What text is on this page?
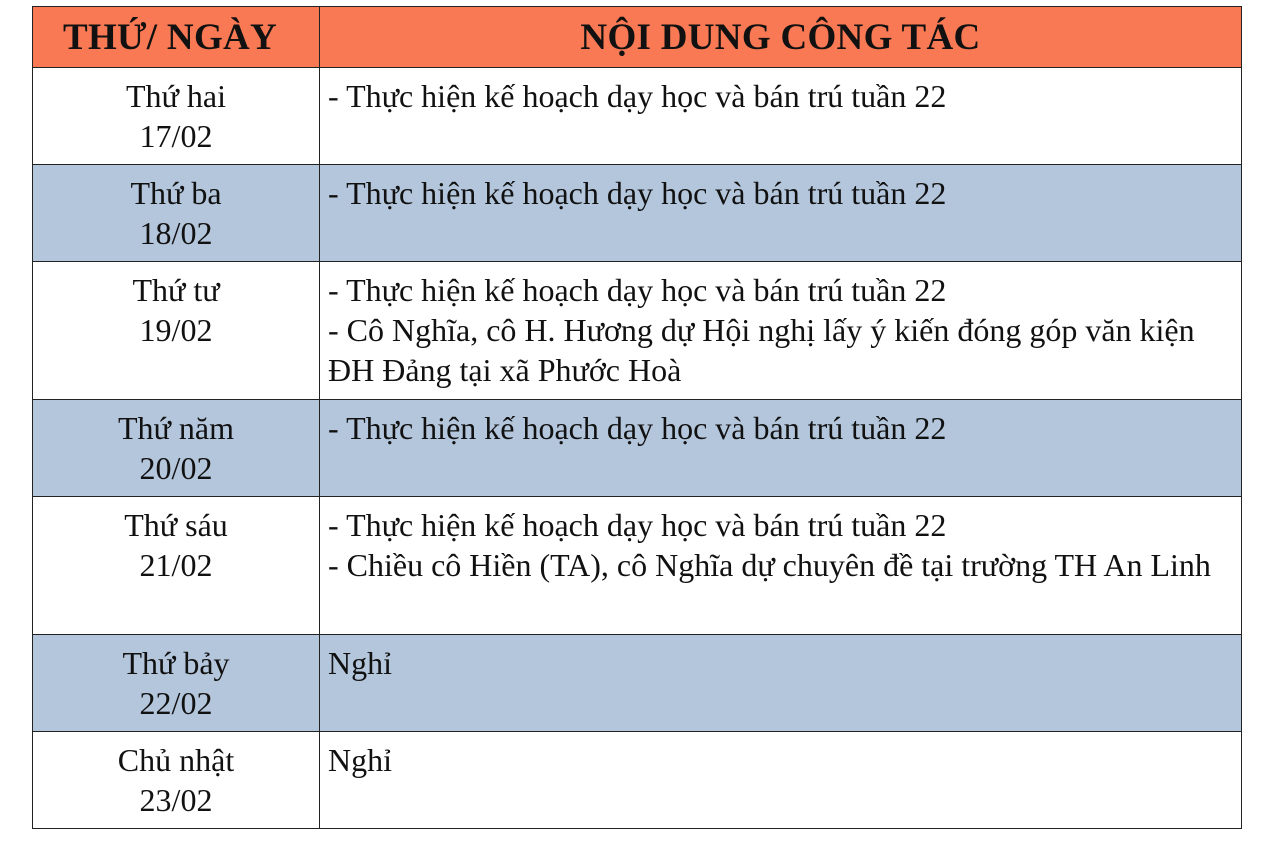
THỨ/ NGÀY	NỘI DUNG CÔNG TÁC

Thứ hai
17/02	- Thực hiện kế hoạch dạy học và bán trú tuần 22

Thứ ba
18/02	- Thực hiện kế hoạch dạy học và bán trú tuần 22

Thứ tư
19/02	- Thực hiện kế hoạch dạy học và bán trú tuần 22
- Cô Nghĩa, cô H. Hương dự Hội nghị lấy ý kiến đóng góp văn kiện ĐH Đảng tại xã Phước Hoà

Thứ năm
20/02	- Thực hiện kế hoạch dạy học và bán trú tuần 22

Thứ sáu
21/02	- Thực hiện kế hoạch dạy học và bán trú tuần 22
- Chiều cô Hiền (TA), cô Nghĩa dự chuyên đề tại trường TH An Linh

Thứ bảy
22/02	Nghỉ

Chủ nhật
23/02	Nghỉ
